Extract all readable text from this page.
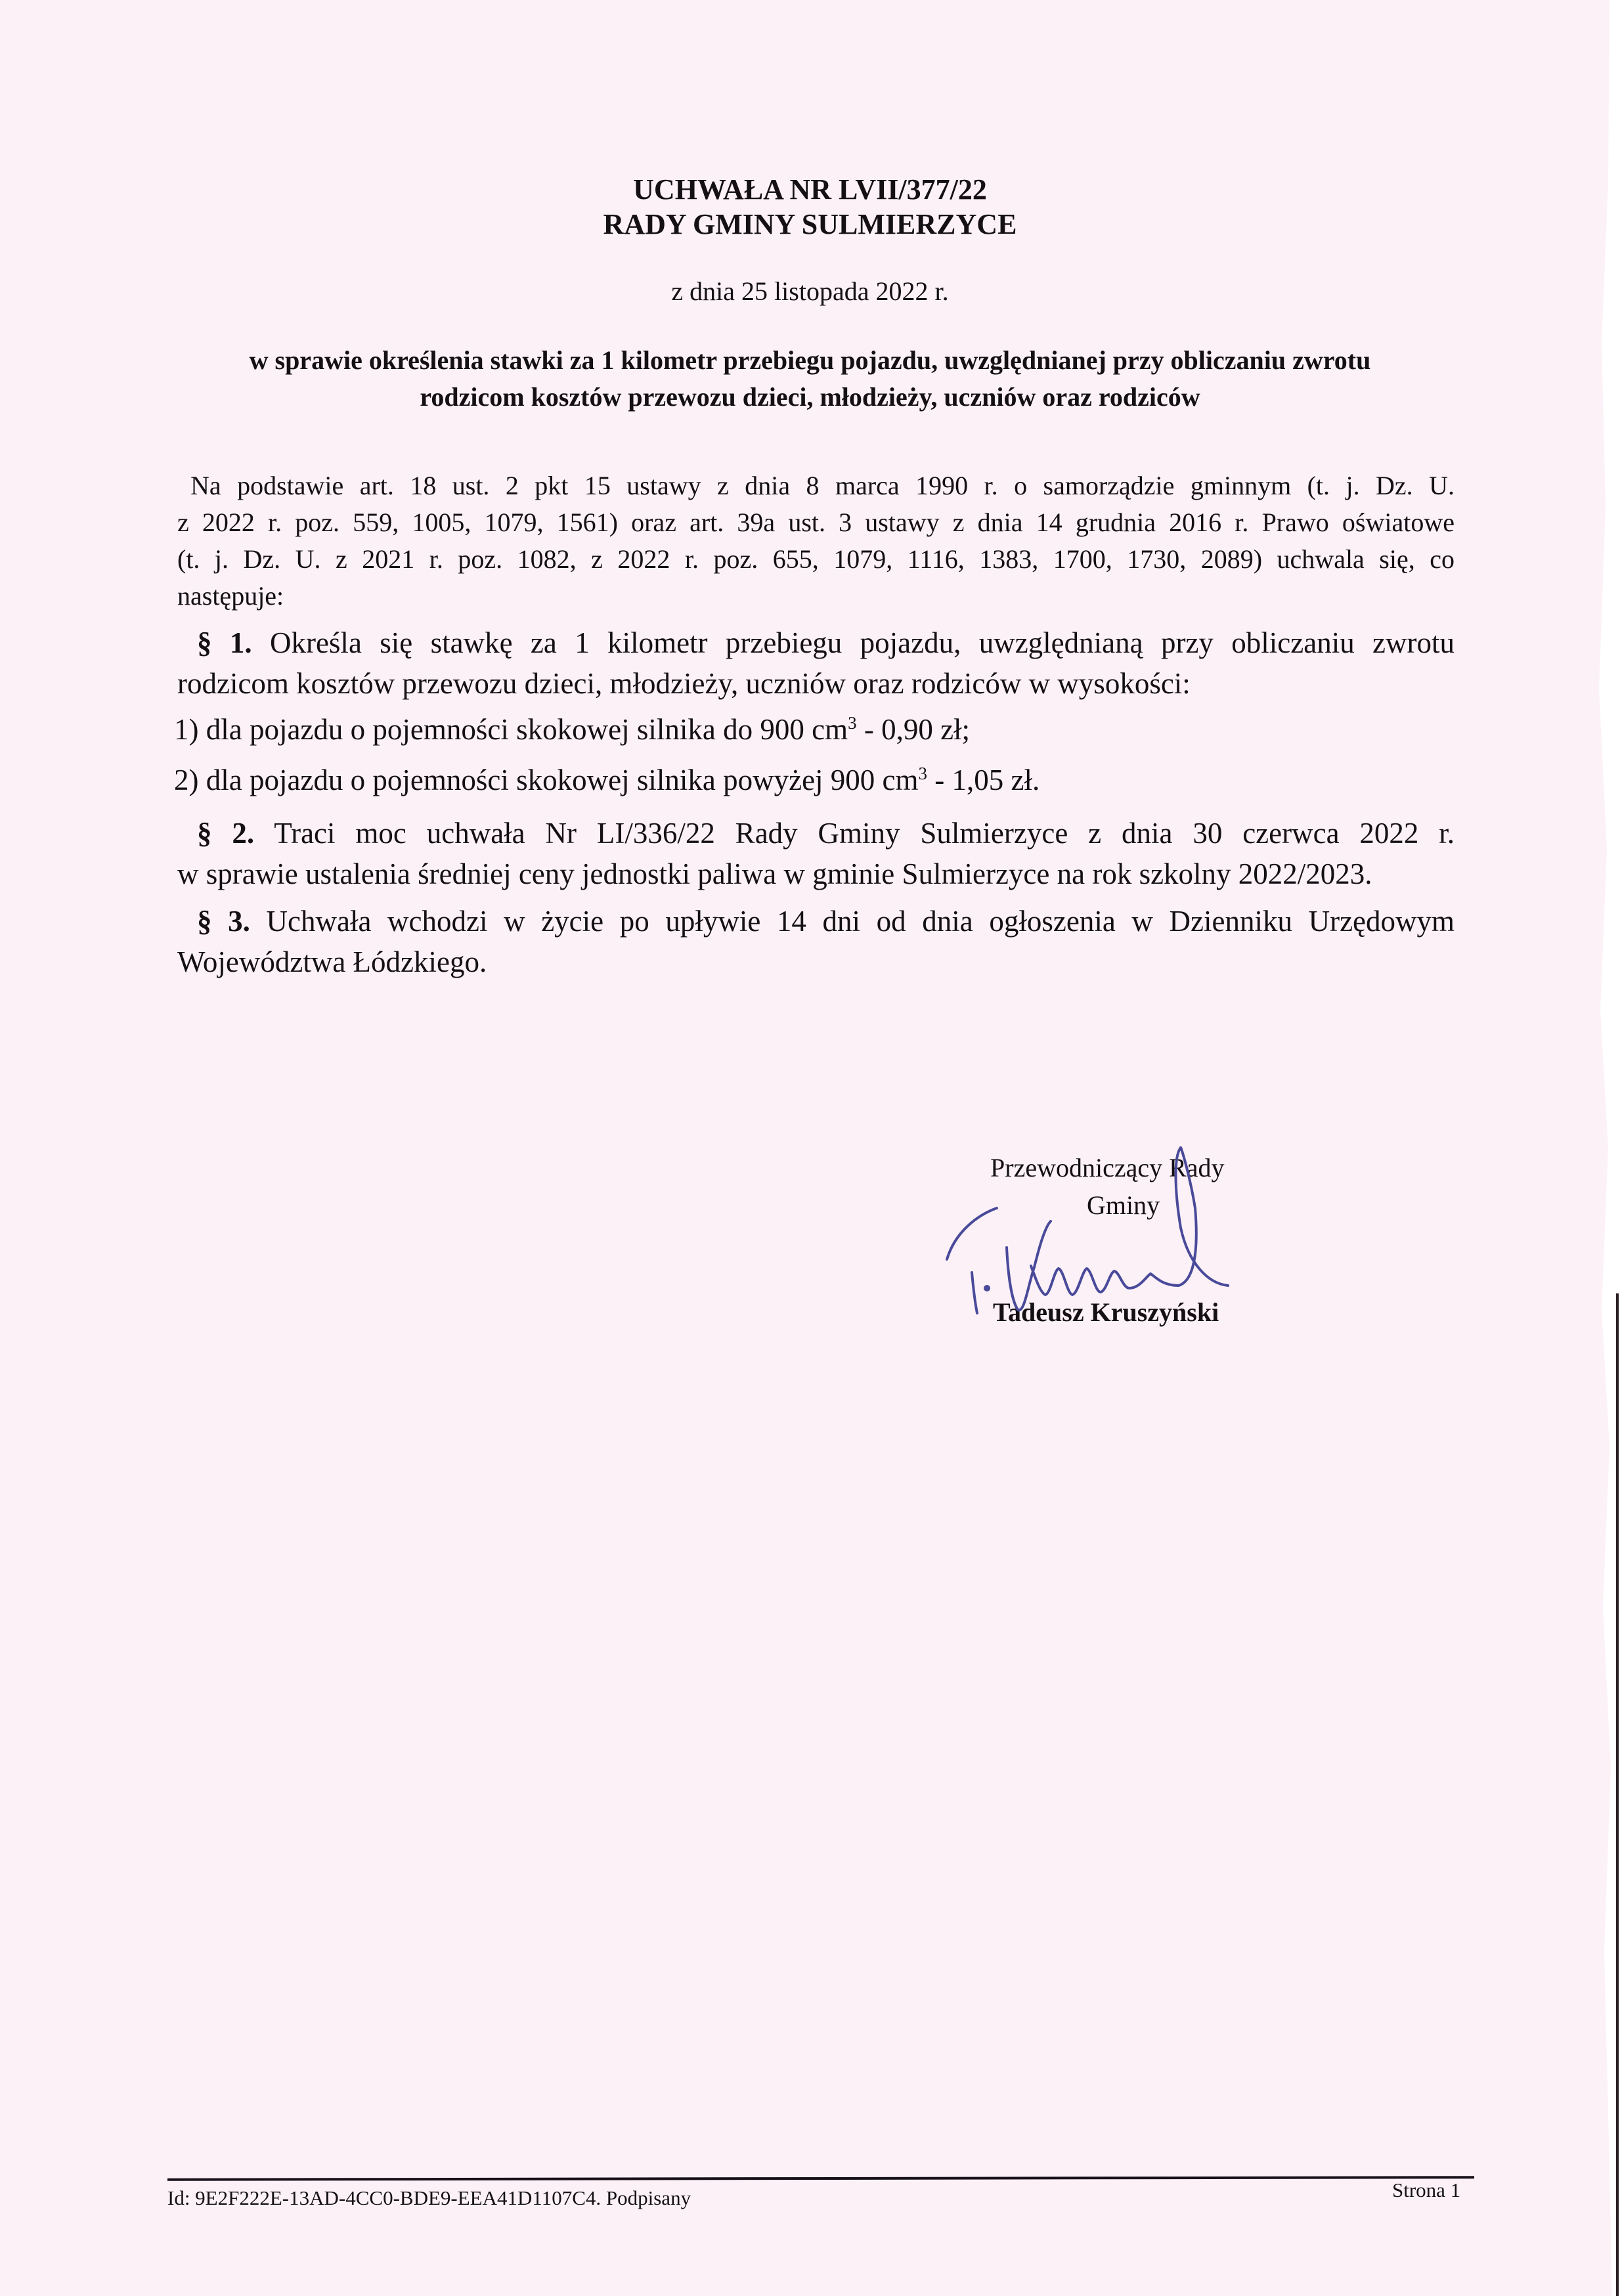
UCHWAŁA NR LVII/377/22
RADY GMINY SULMIERZYCE
z dnia 25 listopada 2022 r.
w sprawie określenia stawki za 1 kilometr przebiegu pojazdu, uwzględnianej przy obliczaniu zwrotu
rodzicom kosztów przewozu dzieci, młodzieży, uczniów oraz rodziców
Na podstawie art. 18 ust. 2 pkt 15 ustawy z dnia 8 marca 1990 r. o samorządzie gminnym (t. j. Dz. U.
z 2022 r. poz. 559, 1005, 1079, 1561) oraz art. 39a ust. 3 ustawy z dnia 14 grudnia 2016 r. Prawo oświatowe
(t. j. Dz. U. z 2021 r. poz. 1082, z 2022 r. poz. 655, 1079, 1116, 1383, 1700, 1730, 2089) uchwala się, co
następuje:
§ 1. Określa się stawkę za 1 kilometr przebiegu pojazdu, uwzględnianą przy obliczaniu zwrotu
rodzicom kosztów przewozu dzieci, młodzieży, uczniów oraz rodziców w wysokości:
1) dla pojazdu o pojemności skokowej silnika do 900 $cm^3 - 0,90$ zł;
2) dla pojazdu o pojemności skokowej silnika powyżej 900 $cm^3 - 1,05$ zł.
§ 2. Traci moc uchwała Nr LI/336/22 Rady Gminy Sulmierzyce z dnia 30 czerwca 2022 r.
w sprawie ustalenia średniej ceny jednostki paliwa w gminie Sulmierzyce na rok szkolny 2022/2023.
§ 3. Uchwała wchodzi w życie po upływie 14 dni od dnia ogłoszenia w Dzienniku Urzędowym
Województwa Łódzkiego.
Przewodniczący Rady
Gminy
Tadeusz Kruszyński
Id: 9E2F222E-13AD-4CC0-BDE9-EEA41D1107C4. Podpisany	Strona 1
